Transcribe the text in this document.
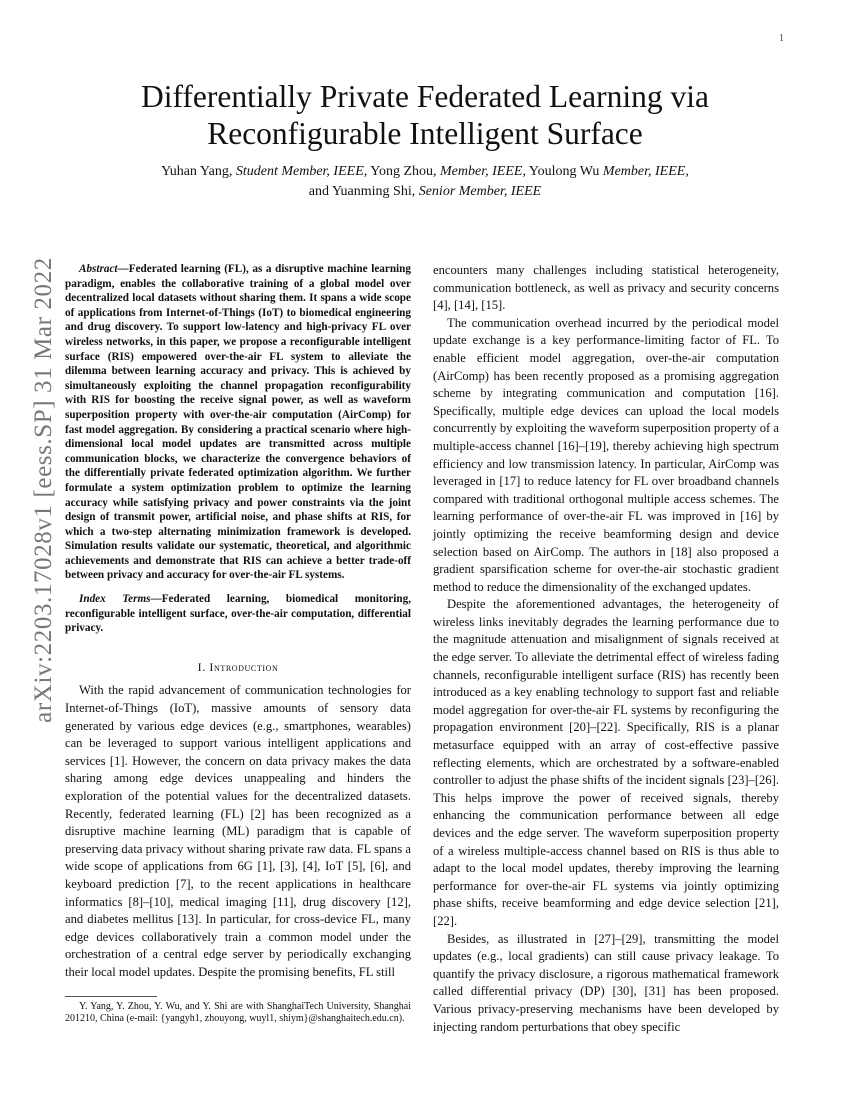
1
arXiv:2203.17028v1 [eess.SP] 31 Mar 2022
Differentially Private Federated Learning via
Reconfigurable Intelligent Surface
Yuhan Yang, Student Member, IEEE, Yong Zhou, Member, IEEE, Youlong Wu Member, IEEE,
and Yuanming Shi, Senior Member, IEEE

Abstract—Federated learning (FL), as a disruptive machine learning paradigm, enables the collaborative training of a global model over decentralized local datasets without sharing them. It spans a wide scope of applications from Internet-of-Things (IoT) to biomedical engineering and drug discovery. To support low-latency and high-privacy FL over wireless networks, in this paper, we propose a reconfigurable intelligent surface (RIS) empowered over-the-air FL system to alleviate the dilemma between learning accuracy and privacy. This is achieved by simultaneously exploiting the channel propagation reconfigurability with RIS for boosting the receive signal power, as well as waveform superposition property with over-the-air computation (AirComp) for fast model aggregation. By considering a practical scenario where high-dimensional local model updates are transmitted across multiple communication blocks, we characterize the convergence behaviors of the differentially private federated optimization algorithm. We further formulate a system optimization problem to optimize the learning accuracy while satisfying privacy and power constraints via the joint design of transmit power, artificial noise, and phase shifts at RIS, for which a two-step alternating minimization framework is developed. Simulation results validate our systematic, theoretical, and algorithmic achievements and demonstrate that RIS can achieve a better trade-off between privacy and accuracy for over-the-air FL systems.

Index Terms—Federated learning, biomedical monitoring, reconfigurable intelligent surface, over-the-air computation, differential privacy.

I. Introduction

With the rapid advancement of communication technologies for Internet-of-Things (IoT), massive amounts of sensory data generated by various edge devices (e.g., smartphones, wearables) can be leveraged to support various intelligent applications and services [1]. However, the concern on data privacy makes the data sharing among edge devices unappealing and hinders the exploration of the potential values for the decentralized datasets. Recently, federated learning (FL) [2] has been recognized as a disruptive machine learning (ML) paradigm that is capable of preserving data privacy without sharing private raw data. FL spans a wide scope of applications from 6G [1], [3], [4], IoT [5], [6], and keyboard prediction [7], to the recent applications in healthcare informatics [8]–[10], medical imaging [11], drug discovery [12], and diabetes mellitus [13]. In particular, for cross-device FL, many edge devices collaboratively train a common model under the orchestration of a central edge server by periodically exchanging their local model updates. Despite the promising benefits, FL still

Y. Yang, Y. Zhou, Y. Wu, and Y. Shi are with ShanghaiTech University, Shanghai 201210, China (e-mail: {yangyh1, zhouyong, wuyl1, shiym}@shanghaitech.edu.cn).

encounters many challenges including statistical heterogeneity, communication bottleneck, as well as privacy and security concerns [4], [14], [15].

The communication overhead incurred by the periodical model update exchange is a key performance-limiting factor of FL. To enable efficient model aggregation, over-the-air computation (AirComp) has been recently proposed as a promising aggregation scheme by integrating communication and computation [16]. Specifically, multiple edge devices can upload the local models concurrently by exploiting the waveform superposition property of a multiple-access channel [16]–[19], thereby achieving high spectrum efficiency and low transmission latency. In particular, AirComp was leveraged in [17] to reduce latency for FL over broadband channels compared with traditional orthogonal multiple access schemes. The learning performance of over-the-air FL was improved in [16] by jointly optimizing the receive beamforming design and device selection based on AirComp. The authors in [18] also proposed a gradient sparsification scheme for over-the-air stochastic gradient method to reduce the dimensionality of the exchanged updates.

Despite the aforementioned advantages, the heterogeneity of wireless links inevitably degrades the learning performance due to the magnitude attenuation and misalignment of signals received at the edge server. To alleviate the detrimental effect of wireless fading channels, reconfigurable intelligent surface (RIS) has recently been introduced as a key enabling technology to support fast and reliable model aggregation for over-the-air FL systems by reconfiguring the propagation environment [20]–[22]. Specifically, RIS is a planar metasurface equipped with an array of cost-effective passive reflecting elements, which are orchestrated by a software-enabled controller to adjust the phase shifts of the incident signals [23]–[26]. This helps improve the power of received signals, thereby enhancing the communication performance between all edge devices and the edge server. The waveform superposition property of a wireless multiple-access channel based on RIS is thus able to adapt to the local model updates, thereby improving the learning performance for over-the-air FL systems via jointly optimizing phase shifts, receive beamforming and edge device selection [21], [22].

Besides, as illustrated in [27]–[29], transmitting the model updates (e.g., local gradients) can still cause privacy leakage. To quantify the privacy disclosure, a rigorous mathematical framework called differential privacy (DP) [30], [31] has been proposed. Various privacy-preserving mechanisms have been developed by injecting random perturbations that obey specific
